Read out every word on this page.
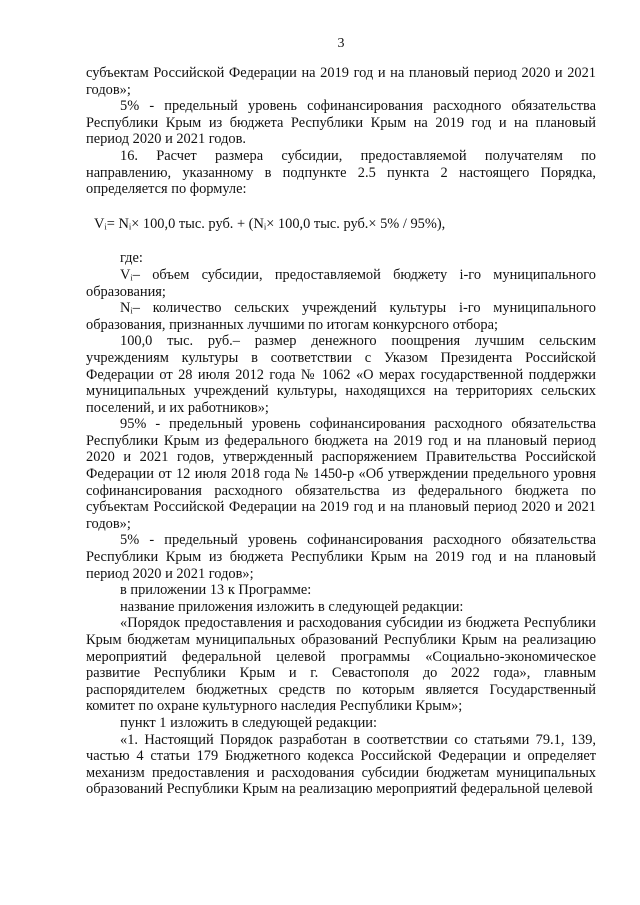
3

субъектам Российской Федерации на 2019 год и на плановый период 2020 и 2021 годов»;

5% - предельный уровень софинансирования расходного обязательства Республики Крым из бюджета Республики Крым на 2019 год и на плановый период 2020 и 2021 годов.

16. Расчет размера субсидии, предоставляемой получателям по направлению, указанному в подпункте 2.5 пункта 2 настоящего Порядка, определяется по формуле:

Vᵢ= Nᵢ× 100,0 тыс. руб. + (Nᵢ× 100,0 тыс. руб.× 5% / 95%),

где:

Vᵢ– объем субсидии, предоставляемой бюджету i-го муниципального образования;

Nᵢ– количество сельских учреждений культуры i-го муниципального образования, признанных лучшими по итогам конкурсного отбора;

100,0 тыс. руб.– размер денежного поощрения лучшим сельским учреждениям культуры в соответствии с Указом Президента Российской Федерации от 28 июля 2012 года № 1062 «О мерах государственной поддержки муниципальных учреждений культуры, находящихся на территориях сельских поселений, и их работников»;

95% - предельный уровень софинансирования расходного обязательства Республики Крым из федерального бюджета на 2019 год и на плановый период 2020 и 2021 годов, утвержденный распоряжением Правительства Российской Федерации от 12 июля 2018 года № 1450-р «Об утверждении предельного уровня софинансирования расходного обязательства из федерального бюджета по субъектам Российской Федерации на 2019 год и на плановый период 2020 и 2021 годов»;

5% - предельный уровень софинансирования расходного обязательства Республики Крым из бюджета Республики Крым на 2019 год и на плановый период 2020 и 2021 годов»;

в приложении 13 к Программе:

название приложения изложить в следующей редакции:

«Порядок предоставления и расходования субсидии из бюджета Республики Крым бюджетам муниципальных образований Республики Крым на реализацию мероприятий федеральной целевой программы «Социально-экономическое развитие Республики Крым и г. Севастополя до 2022 года», главным распорядителем бюджетных средств по которым является Государственный комитет по охране культурного наследия Республики Крым»;

пункт 1 изложить в следующей редакции:

«1. Настоящий Порядок разработан в соответствии со статьями 79.1, 139, частью 4 статьи 179 Бюджетного кодекса Российской Федерации и определяет механизм предоставления и расходования субсидии бюджетам муниципальных образований Республики Крым на реализацию мероприятий федеральной целевой
